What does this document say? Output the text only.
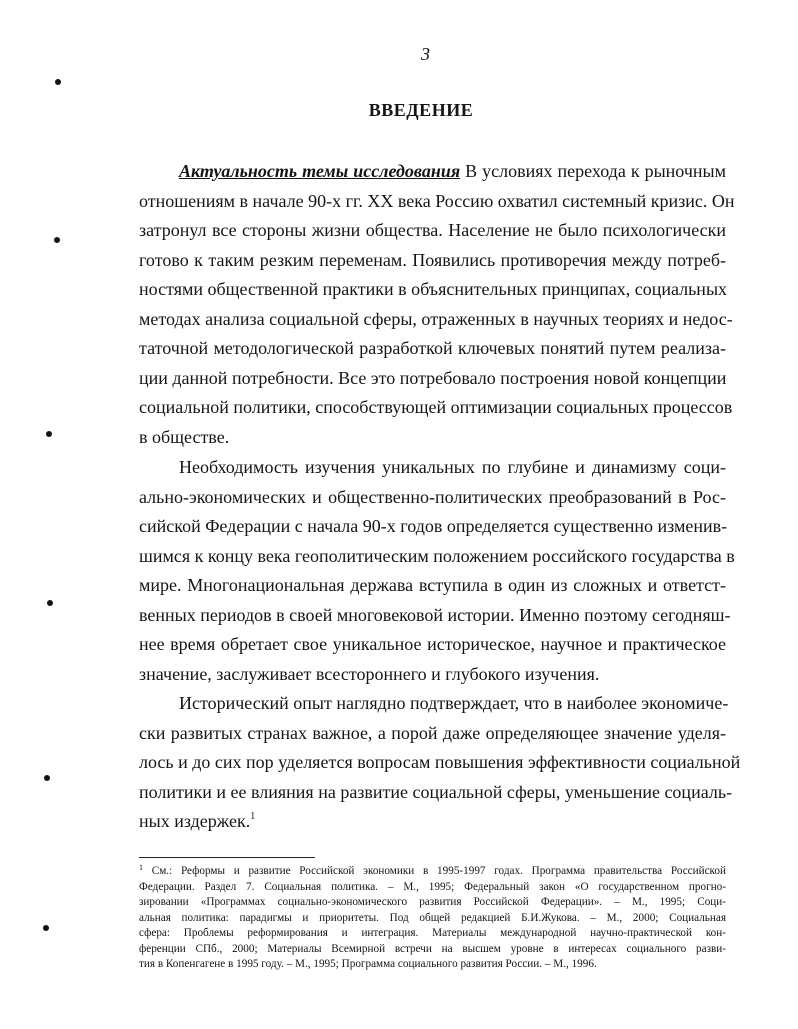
3
ВВЕДЕНИЕ
Актуальность темы исследования В условиях перехода к рыночным
отношениям в начале 90-х гг. XX века Россию охватил системный кризис. Он
затронул все стороны жизни общества. Население не было психологически
готово к таким резким переменам. Появились противоречия между потреб-
ностями общественной практики в объяснительных принципах, социальных
методах анализа социальной сферы, отраженных в научных теориях и недос-
таточной методологической разработкой ключевых понятий путем реализа-
ции данной потребности. Все это потребовало построения новой концепции
социальной политики, способствующей оптимизации социальных процессов
в обществе.
Необходимость изучения уникальных по глубине и динамизму соци-
ально-экономических и общественно-политических преобразований в Рос-
сийской Федерации с начала 90-х годов определяется существенно изменив-
шимся к концу века геополитическим положением российского государства в
мире. Многонациональная держава вступила в один из сложных и ответст-
венных периодов в своей многовековой истории. Именно поэтому сегодняш-
нее время обретает свое уникальное историческое, научное и практическое
значение, заслуживает всестороннего и глубокого изучения.
Исторический опыт наглядно подтверждает, что в наиболее экономиче-
ски развитых странах важное, а порой даже определяющее значение уделя-
лось и до сих пор уделяется вопросам повышения эффективности социальной
политики и ее влияния на развитие социальной сферы, уменьшение социаль-
ных издержек.$^1$
$^1$ См.: Реформы и развитие Российской экономики в 1995-1997 годах. Программа правительства Российской
Федерации. Раздел 7. Социальная политика. – М., 1995; Федеральный закон «О государственном прогно-
зировании «Программах социально-экономического развития Российской Федерации». – М., 1995; Соци-
альная политика: парадигмы и приоритеты. Под общей редакцией Б.И.Жукова. – М., 2000; Социальная
сфера: Проблемы реформирования и интеграция. Материалы международной научно-практической кон-
ференции СПб., 2000; Материалы Всемирной встречи на высшем уровне в интересах социального разви-
тия в Копенгагене в 1995 году. – М., 1995; Программа социального развития России. – М., 1996.
